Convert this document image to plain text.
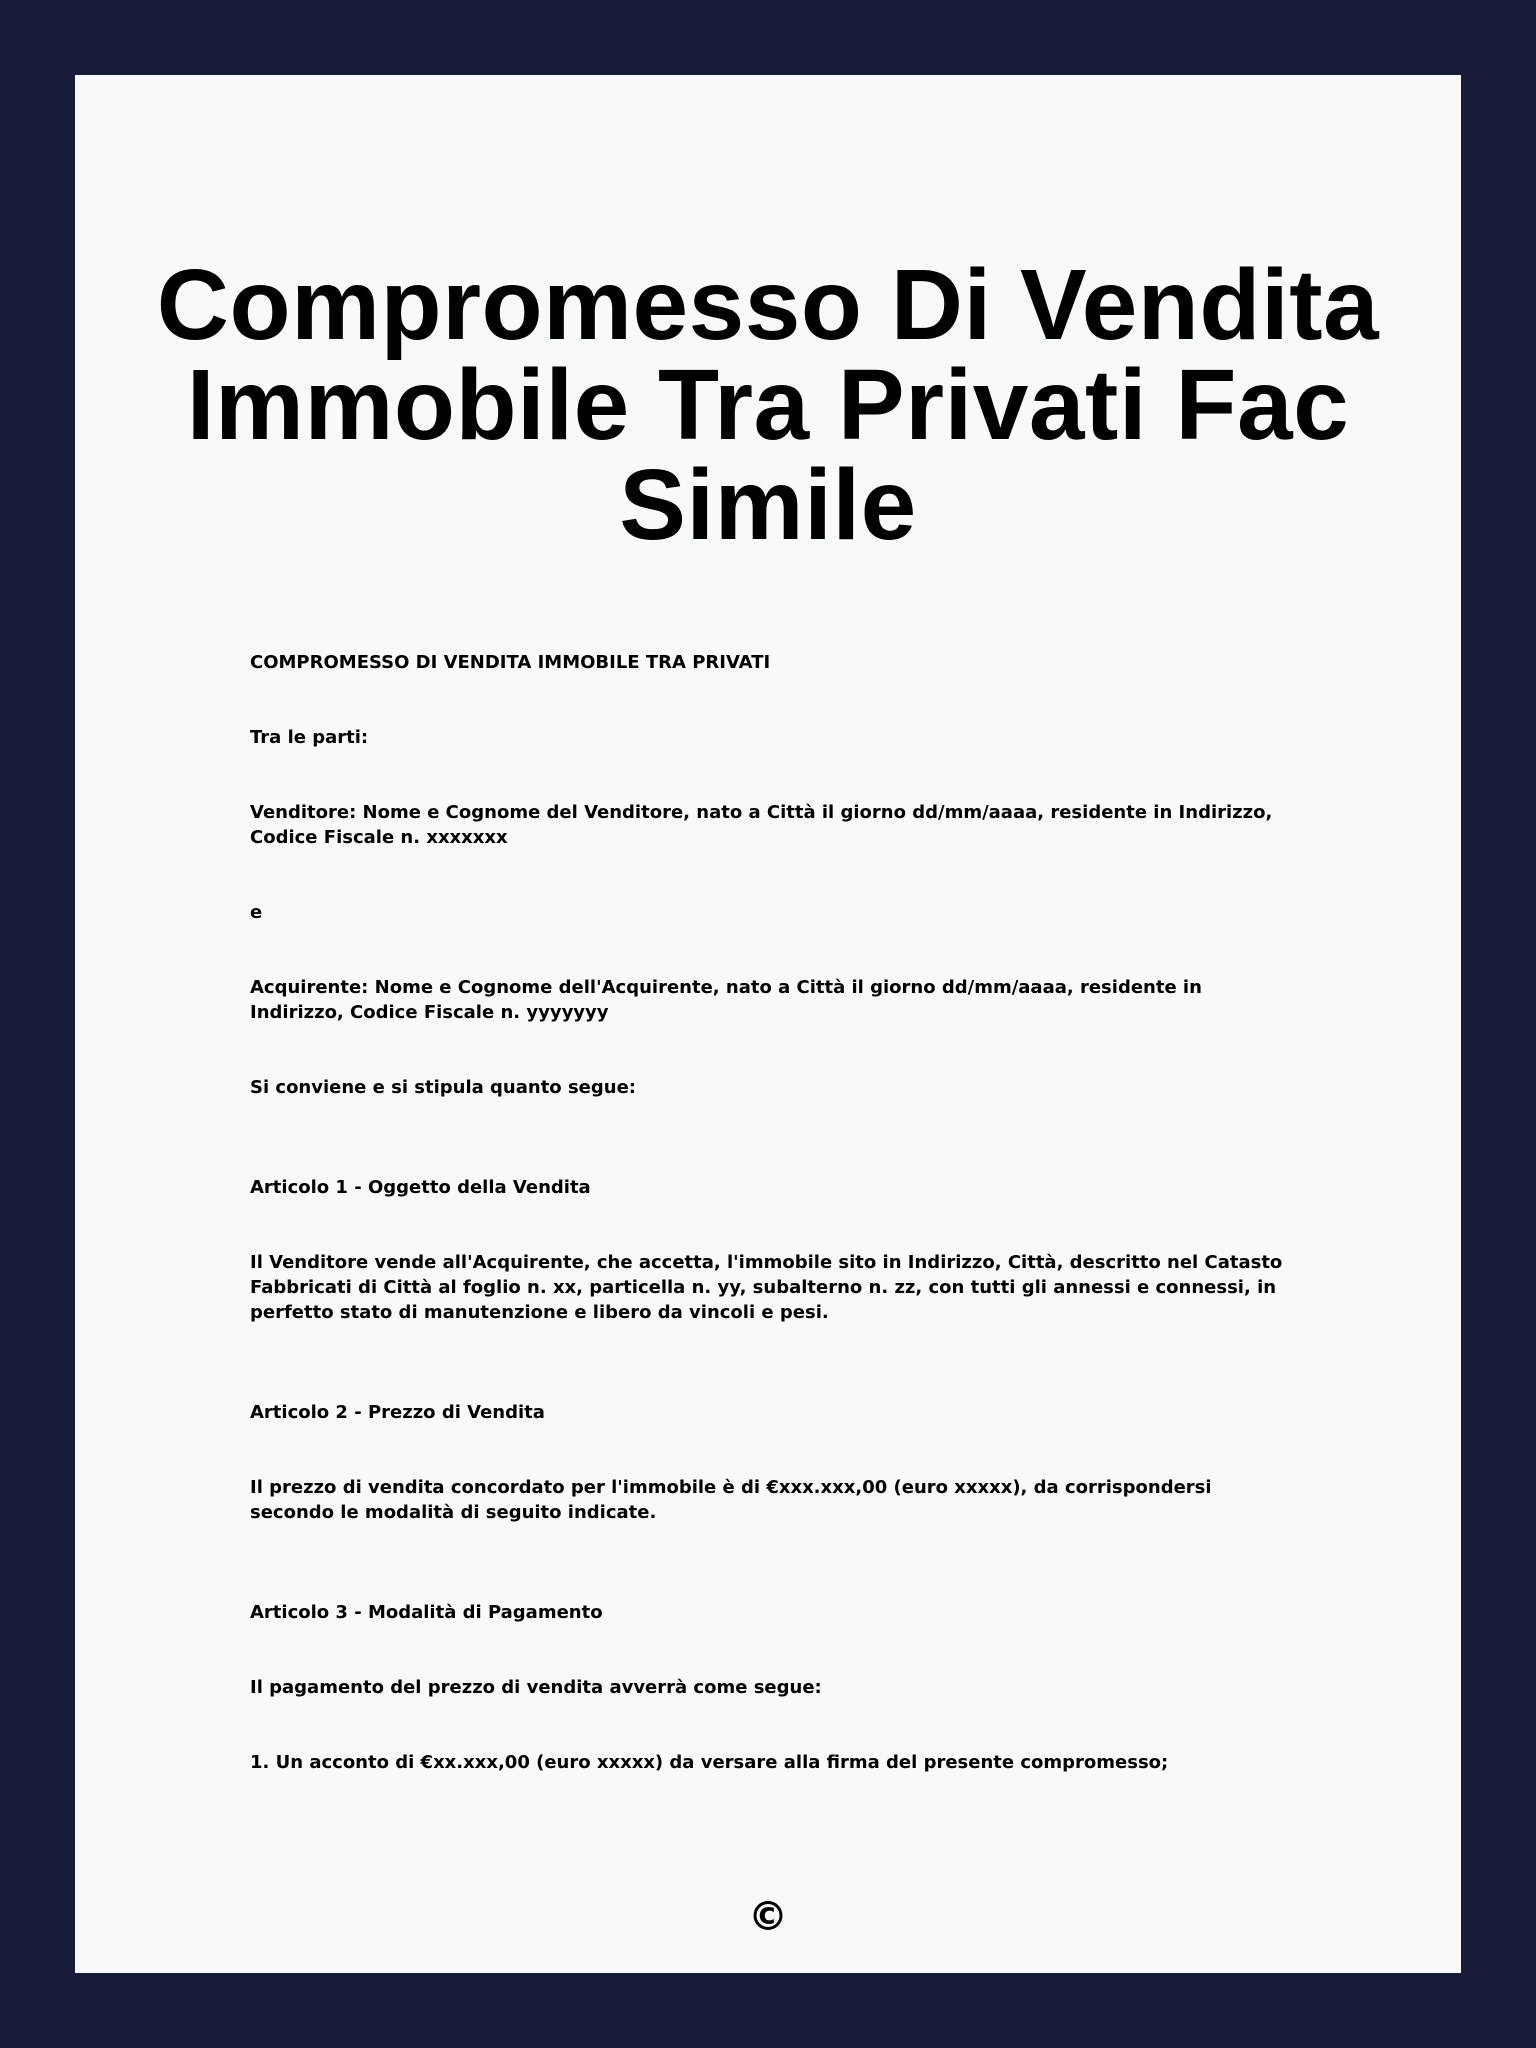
Compromesso Di Vendita Immobile Tra Privati Fac Simile

COMPROMESSO DI VENDITA IMMOBILE TRA PRIVATI

Tra le parti:

Venditore: Nome e Cognome del Venditore, nato a Città il giorno dd/mm/aaaa, residente in Indirizzo, Codice Fiscale n. xxxxxxx

e

Acquirente: Nome e Cognome dell'Acquirente, nato a Città il giorno dd/mm/aaaa, residente in Indirizzo, Codice Fiscale n. yyyyyyy

Si conviene e si stipula quanto segue:

Articolo 1 - Oggetto della Vendita

Il Venditore vende all'Acquirente, che accetta, l'immobile sito in Indirizzo, Città, descritto nel Catasto Fabbricati di Città al foglio n. xx, particella n. yy, subalterno n. zz, con tutti gli annessi e connessi, in perfetto stato di manutenzione e libero da vincoli e pesi.

Articolo 2 - Prezzo di Vendita

Il prezzo di vendita concordato per l'immobile è di €xxx.xxx,00 (euro xxxxx), da corrispondersi secondo le modalità di seguito indicate.

Articolo 3 - Modalità di Pagamento

Il pagamento del prezzo di vendita avverrà come segue:

1. Un acconto di €xx.xxx,00 (euro xxxxx) da versare alla firma del presente compromesso;

©
